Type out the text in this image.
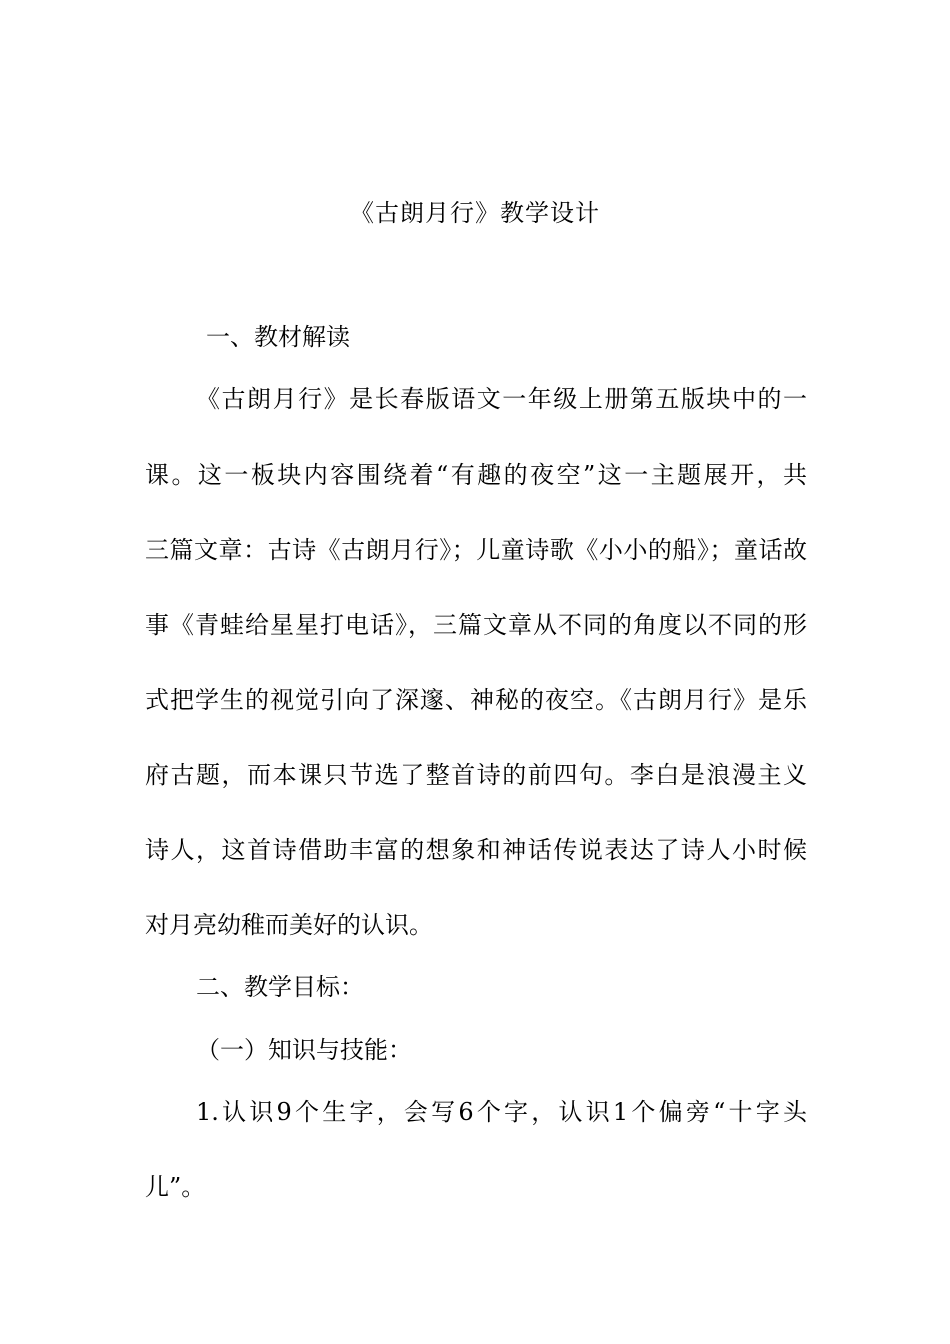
《古朗月行》教学设计
一、教材解读
《古朗月行》是长春版语文一年级上册第五版块中的一
课。这一板块内容围绕着“有趣的夜空”这一主题展开，共
三篇文章：古诗《古朗月行》；儿童诗歌《小小的船》；童话故
事《青蛙给星星打电话》，三篇文章从不同的角度以不同的形
式把学生的视觉引向了深邃、神秘的夜空。《古朗月行》是乐
府古题，而本课只节选了整首诗的前四句。李白是浪漫主义
诗人，这首诗借助丰富的想象和神话传说表达了诗人小时候
对月亮幼稚而美好的认识。
二、教学目标：
（一）知识与技能：
1.认识9个生字，会写6个字，认识1个偏旁“十字头
儿”。
